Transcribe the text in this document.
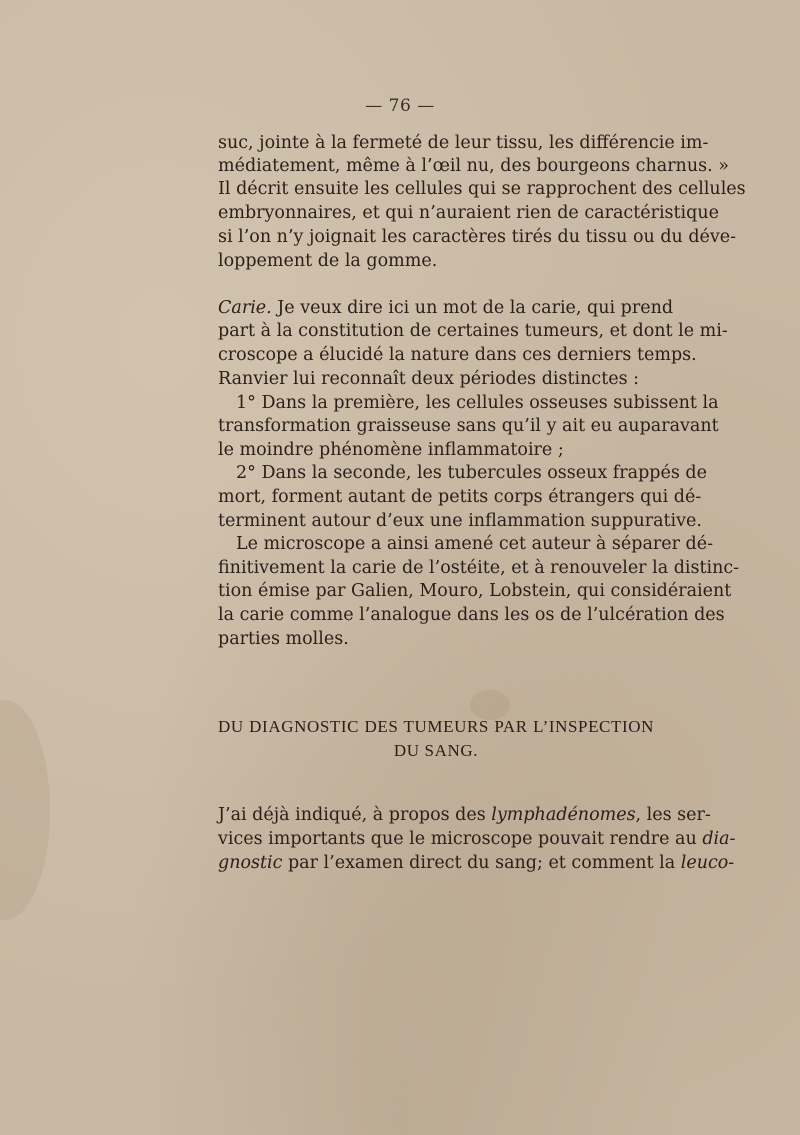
— 76 —
suc, jointe à la fermeté de leur tissu, les différencie im-
médiatement, même à l’œil nu, des bourgeons charnus. »
Il décrit ensuite les cellules qui se rapprochent des cellules
embryonnaires, et qui n’auraient rien de caractéristique
si l’on n’y joignait les caractères tirés du tissu ou du déve-
loppement de la gomme.
Carie. Je veux dire ici un mot de la carie, qui prend
part à la constitution de certaines tumeurs, et dont le mi-
croscope a élucidé la nature dans ces derniers temps.
Ranvier lui reconnaît deux périodes distinctes :
1° Dans la première, les cellules osseuses subissent la
transformation graisseuse sans qu’il y ait eu auparavant
le moindre phénomène inflammatoire ;
2° Dans la seconde, les tubercules osseux frappés de
mort, forment autant de petits corps étrangers qui dé-
terminent autour d’eux une inflammation suppurative.
Le microscope a ainsi amené cet auteur à séparer dé-
finitivement la carie de l’ostéite, et à renouveler la distinc-
tion émise par Galien, Mouro, Lobstein, qui considéraient
la carie comme l’analogue dans les os de l’ulcération des
parties molles.
DU DIAGNOSTIC DES TUMEURS PAR L’INSPECTION
DU SANG.
J’ai déjà indiqué, à propos des lymphadénomes, les ser-
vices importants que le microscope pouvait rendre au dia-
gnostic par l’examen direct du sang; et comment la leuco-
